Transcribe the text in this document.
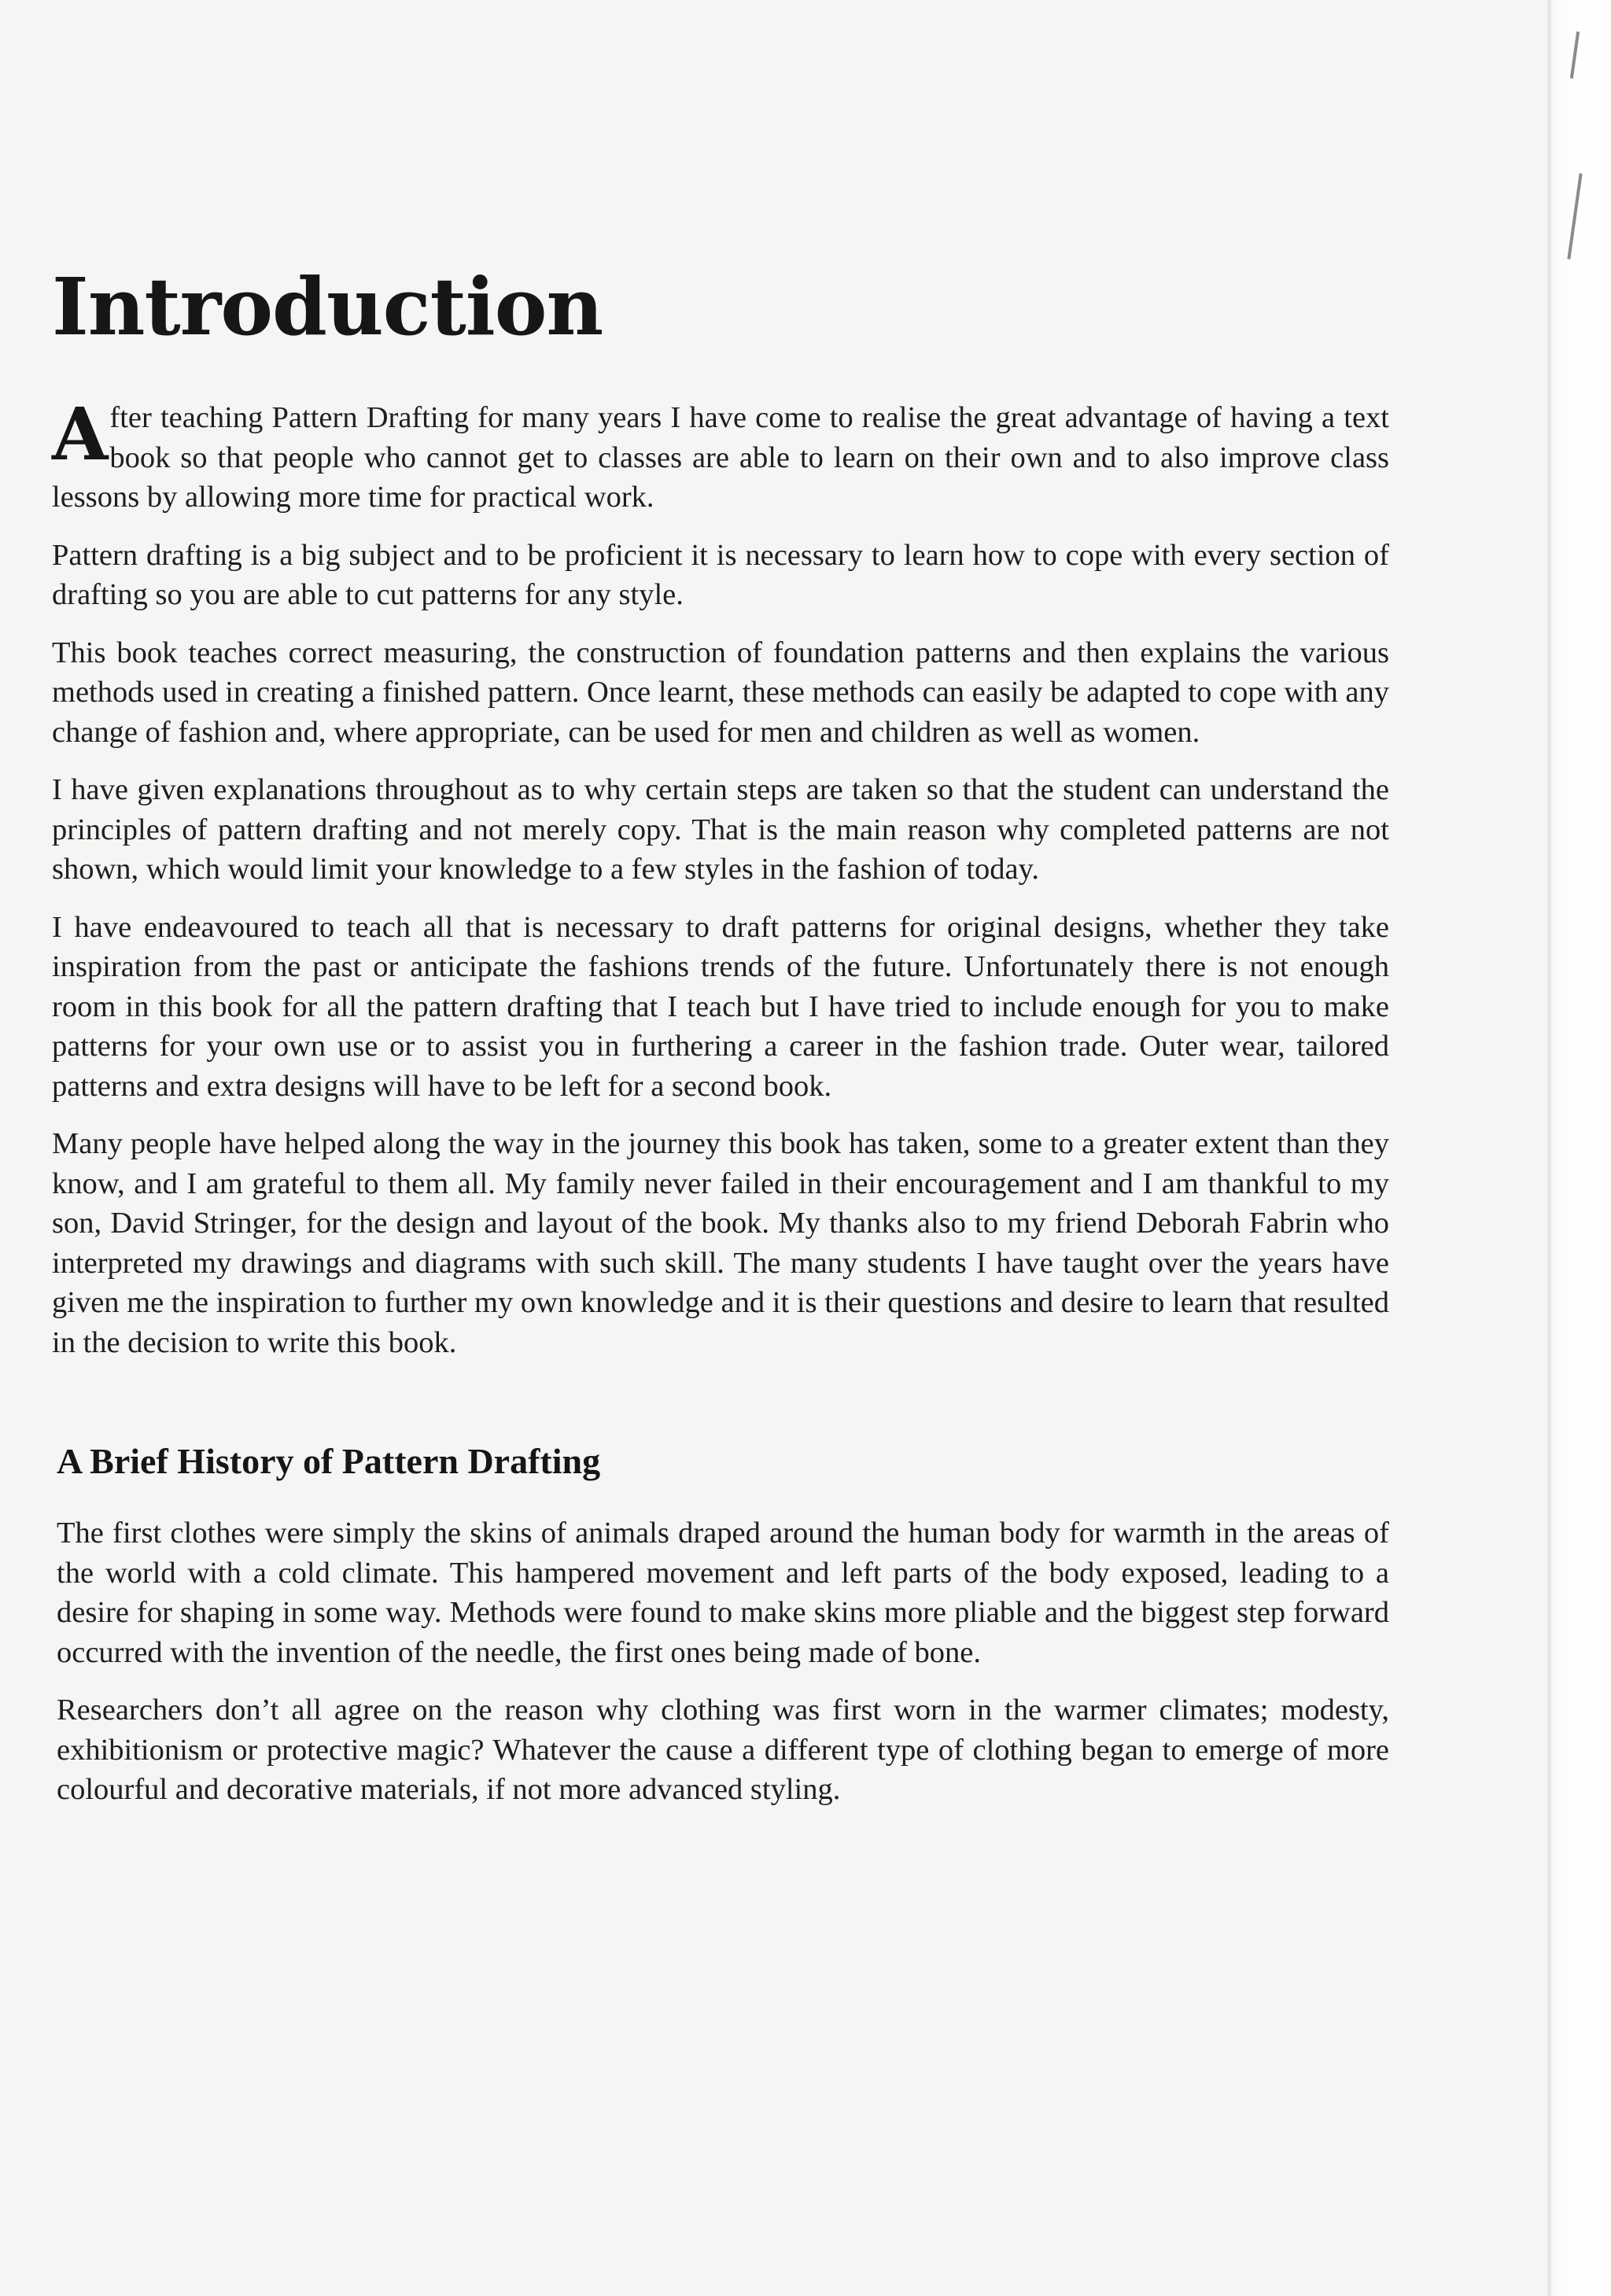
Introduction

After teaching Pattern Drafting for many years I have come to realise the great advantage of having a text book so that people who cannot get to classes are able to learn on their own and to also improve class lessons by allowing more time for practical work.

Pattern drafting is a big subject and to be proficient it is necessary to learn how to cope with every section of drafting so you are able to cut patterns for any style.

This book teaches correct measuring, the construction of foundation patterns and then explains the various methods used in creating a finished pattern. Once learnt, these methods can easily be adapted to cope with any change of fashion and, where appropriate, can be used for men and children as well as women.

I have given explanations throughout as to why certain steps are taken so that the student can understand the principles of pattern drafting and not merely copy. That is the main reason why completed patterns are not shown, which would limit your knowledge to a few styles in the fashion of today.

I have endeavoured to teach all that is necessary to draft patterns for original designs, whether they take inspiration from the past or anticipate the fashions trends of the future. Unfortunately there is not enough room in this book for all the pattern drafting that I teach but I have tried to include enough for you to make patterns for your own use or to assist you in furthering a career in the fashion trade. Outer wear, tailored patterns and extra designs will have to be left for a second book.

Many people have helped along the way in the journey this book has taken, some to a greater extent than they know, and I am grateful to them all. My family never failed in their encouragement and I am thankful to my son, David Stringer, for the design and layout of the book. My thanks also to my friend Deborah Fabrin who interpreted my drawings and diagrams with such skill. The many students I have taught over the years have given me the inspiration to further my own knowledge and it is their questions and desire to learn that resulted in the decision to write this book.

A Brief History of Pattern Drafting

The first clothes were simply the skins of animals draped around the human body for warmth in the areas of the world with a cold climate. This hampered movement and left parts of the body exposed, leading to a desire for shaping in some way. Methods were found to make skins more pliable and the biggest step forward occurred with the invention of the needle, the first ones being made of bone.

Researchers don’t all agree on the reason why clothing was first worn in the warmer climates; modesty, exhibitionism or protective magic? Whatever the cause a different type of clothing began to emerge of more colourful and decorative materials, if not more advanced styling.
